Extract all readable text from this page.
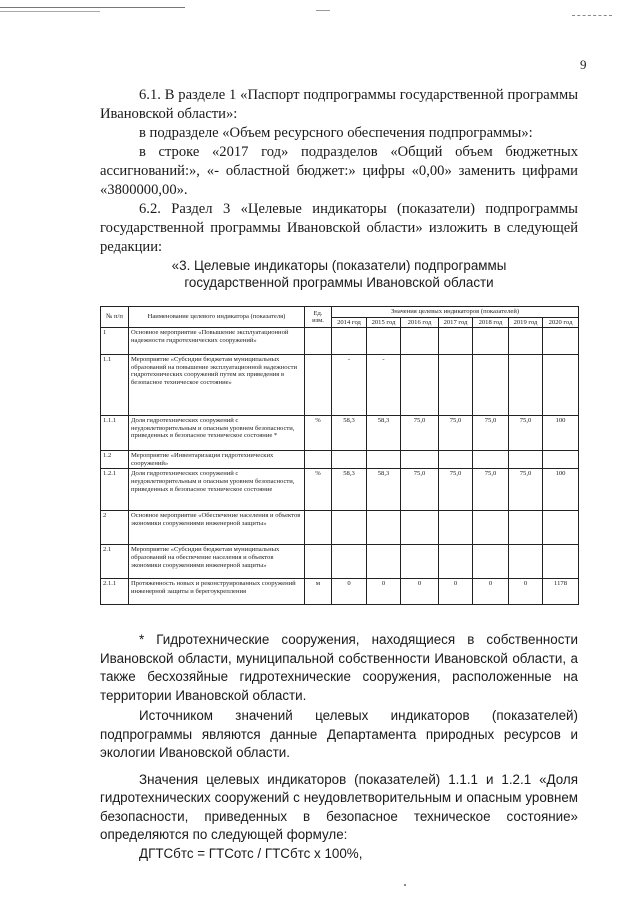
9

6.1. В разделе 1 «Паспорт подпрограммы государственной программы Ивановской области»:

в подразделе «Объем ресурсного обеспечения подпрограммы»:

в строке «2017 год» подразделов «Общий объем бюджетных ассигнований:», «- областной бюджет:» цифры «0,00» заменить цифрами «3800000,00».

6.2. Раздел 3 «Целевые индикаторы (показатели) подпрограммы государственной программы Ивановской области» изложить в следующей редакции:

«3. Целевые индикаторы (показатели) подпрограммы
государственной программы Ивановской области
№ п/п	Наименование целевого индикатора (показателя)	Ед. изм.	Значения целевых индикаторов (показателей)						
			2014 год	2015 год	2016 год	2017 год	2018 год	2019 год	2020 год
1	Основное мероприятие «Повышение эксплуатационной надежности гидротехнических сооружений»								
1.1	Мероприятие «Субсидии бюджетам муниципальных образований на повышение эксплуатационной надежности гидротехнических сооружений путем их приведения в безопасное техническое состояние»		-	-					
1.1.1	Доля гидротехнических сооружений с неудовлетворительным и опасным уровнем безопасности, приведенных в безопасное техническое состояние *	%	58,3	58,3	75,0	75,0	75,0	75,0	100
1.2	Мероприятие «Инвентаризация гидротехнических сооружений»								
1.2.1	Доля гидротехнических сооружений с неудовлетворительным и опасным уровнем безопасности, приведенных в безопасное техническое состояние	%	58,3	58,3	75,0	75,0	75,0	75,0	100
2	Основное мероприятие «Обеспечение населения и объектов экономики сооружениями инженерной защиты»								
2.1	Мероприятие «Субсидии бюджетам муниципальных образований на обеспечение населения и объектов экономики сооружениями инженерной защиты»								
2.1.1	Протяженность новых и реконструированных сооружений инженерной защиты и берегоукрепления	м	0	0	0	0	0	0	1178

* Гидротехнические сооружения, находящиеся в собственности Ивановской области, муниципальной собственности Ивановской области, а также бесхозяйные гидротехнические сооружения, расположенные на территории Ивановской области.

Источником значений целевых индикаторов (показателей) подпрограммы являются данные Департамента природных ресурсов и экологии Ивановской области.

Значения целевых индикаторов (показателей) 1.1.1 и 1.2.1 «Доля гидротехнических сооружений с неудовлетворительным и опасным уровнем безопасности, приведенных в безопасное техническое состояние» определяются по следующей формуле:

ДГТСбтс = ГТСотс / ГТСбтс х 100%,
